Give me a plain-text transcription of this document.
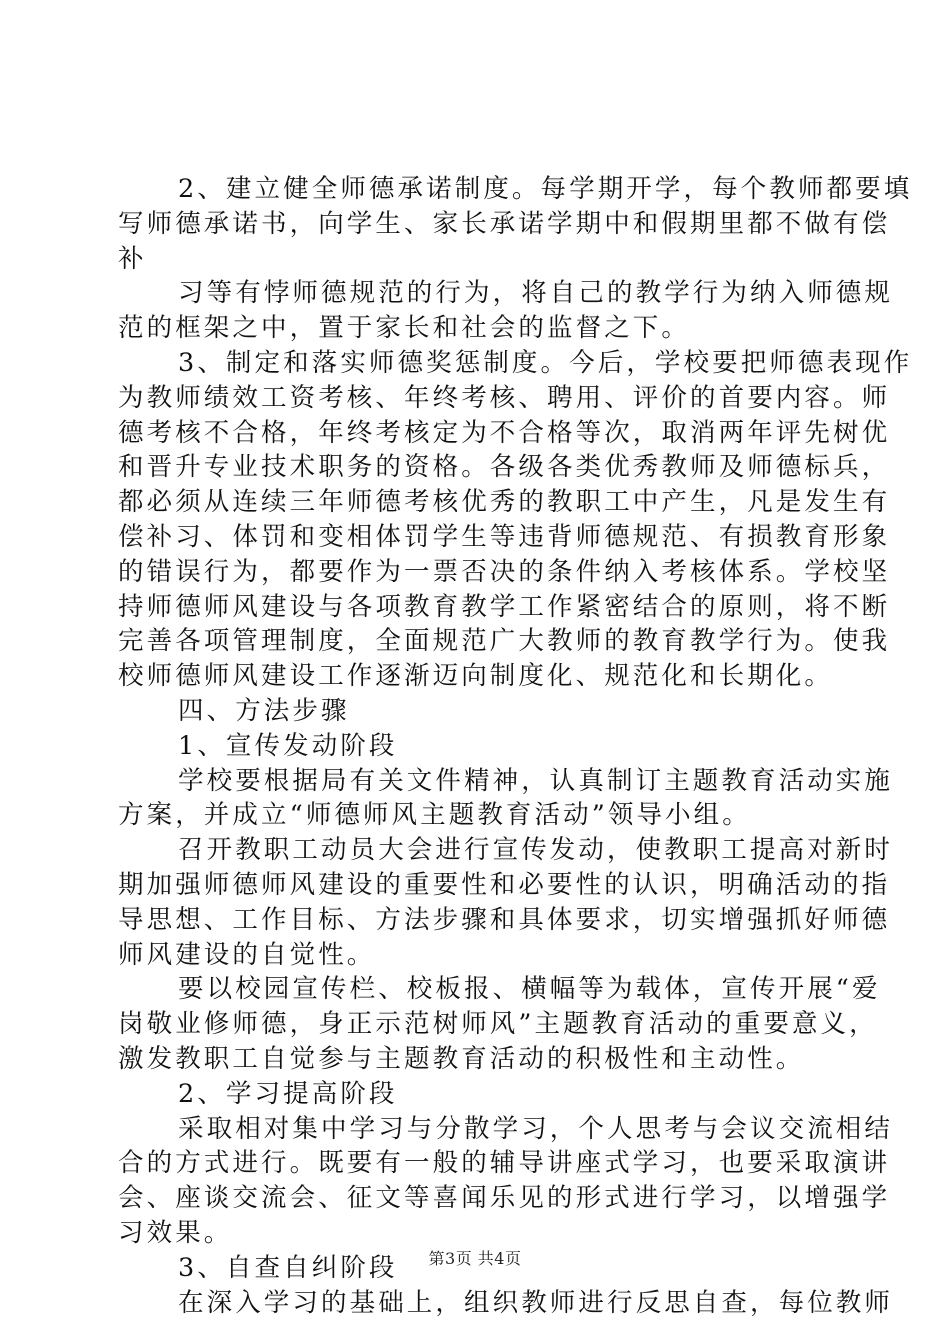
2、建立健全师德承诺制度。每学期开学，每个教师都要填
写师德承诺书，向学生、家长承诺学期中和假期里都不做有偿
补
习等有悖师德规范的行为，将自己的教学行为纳入师德规
范的框架之中，置于家长和社会的监督之下。
3、制定和落实师德奖惩制度。今后，学校要把师德表现作
为教师绩效工资考核、年终考核、聘用、评价的首要内容。师
德考核不合格，年终考核定为不合格等次，取消两年评先树优
和晋升专业技术职务的资格。各级各类优秀教师及师德标兵，
都必须从连续三年师德考核优秀的教职工中产生，凡是发生有
偿补习、体罚和变相体罚学生等违背师德规范、有损教育形象
的错误行为，都要作为一票否决的条件纳入考核体系。学校坚
持师德师风建设与各项教育教学工作紧密结合的原则，将不断
完善各项管理制度，全面规范广大教师的教育教学行为。使我
校师德师风建设工作逐渐迈向制度化、规范化和长期化。
四、方法步骤
1、宣传发动阶段
学校要根据局有关文件精神，认真制订主题教育活动实施
方案，并成立“师德师风主题教育活动”领导小组。
召开教职工动员大会进行宣传发动，使教职工提高对新时
期加强师德师风建设的重要性和必要性的认识，明确活动的指
导思想、工作目标、方法步骤和具体要求，切实增强抓好师德
师风建设的自觉性。
要以校园宣传栏、校板报、横幅等为载体，宣传开展“爱
岗敬业修师德，身正示范树师风”主题教育活动的重要意义，
激发教职工自觉参与主题教育活动的积极性和主动性。
2、学习提高阶段
采取相对集中学习与分散学习，个人思考与会议交流相结
合的方式进行。既要有一般的辅导讲座式学习，也要采取演讲
会、座谈交流会、征文等喜闻乐见的形式进行学习，以增强学
习效果。
3、自查自纠阶段
在深入学习的基础上，组织教师进行反思自查，每位教师
第3页 共4页
